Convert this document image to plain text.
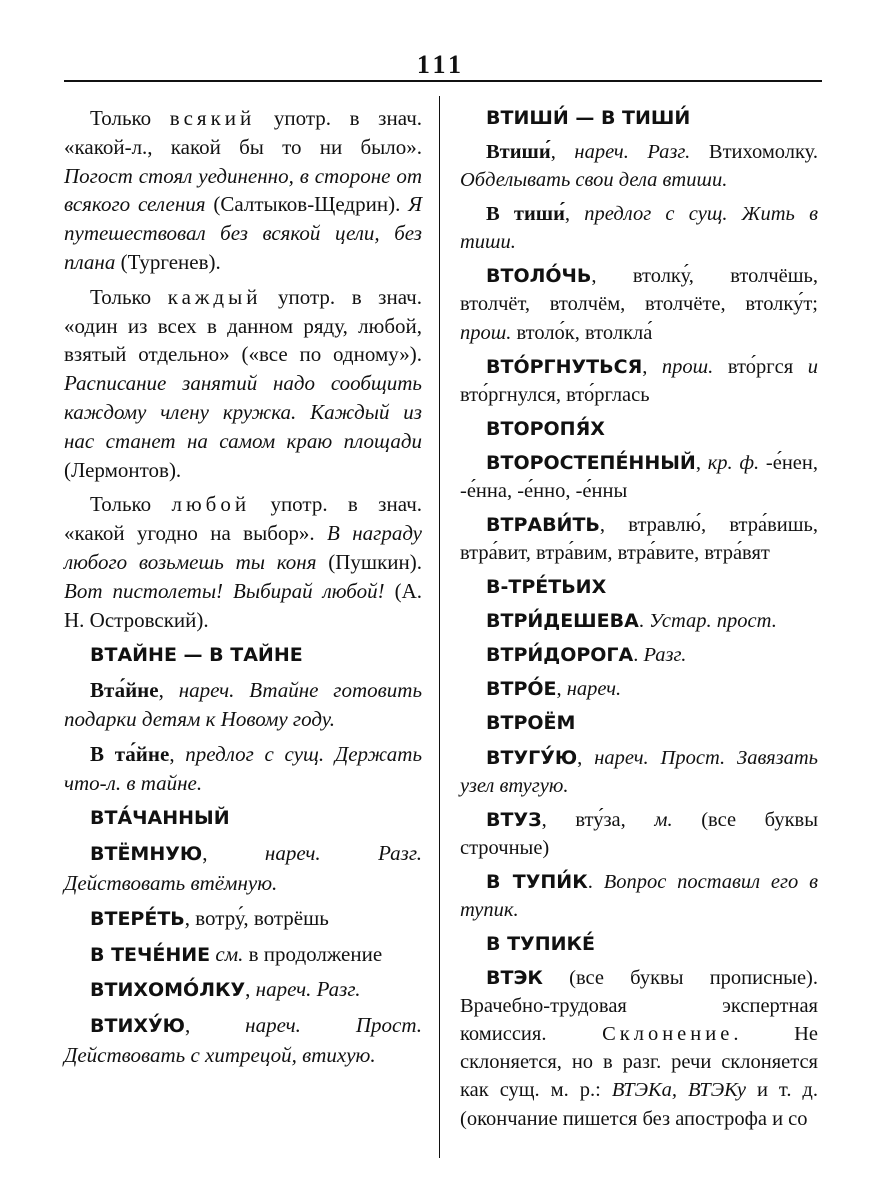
111

Только всякий употр. в знач. «какой-л., какой бы то ни было». Погост стоял уединенно, в стороне от всякого селения (Салтыков-Щедрин). Я путешествовал без всякой цели, без плана (Тургенев).

Только каждый употр. в знач. «один из всех в данном ряду, любой, взятый отдельно» («все по одному»). Расписание занятий надо сообщить каждому члену кружка. Каждый из нас станет на самом краю площади (Лермонтов).

Только любой употр. в знач. «какой угодно на выбор». В награду любого возьмешь ты коня (Пушкин). Вот пистолеты! Выбирай любой! (А. Н. Островский).

ВТАЙНЕ — В ТАЙНЕ

Вта́йне, нареч. Втайне готовить подарки детям к Новому году.

В та́йне, предлог с сущ. Держать что-л. в тайне.

ВТА́ЧАННЫЙ

ВТЁМНУЮ, нареч. Разг. Действовать втёмную.

ВТЕРЕ́ТЬ, вотру́, вотрёшь

В ТЕЧЕ́НИЕ см. в продолжение

ВТИХОМО́ЛКУ, нареч. Разг.

ВТИХУ́Ю, нареч. Прост. Действовать с хитрецой, втихую.

ВТИШИ́ — В ТИШИ́

Втиши́, нареч. Разг. Втихомолку. Обделывать свои дела втиши.

В тиши́, предлог с сущ. Жить в тиши.

ВТОЛО́ЧЬ, втолку́, втолчёшь, втолчёт, втолчём, втолчёте, втолку́т; прош. втоло́к, втолкла́

ВТО́РГНУТЬСЯ, прош. вто́ргся и вто́ргнулся, вто́рглась

ВТОРОПЯ́Х

ВТОРОСТЕПЕ́ННЫЙ, кр. ф. -е́нен, -е́нна, -е́нно, -е́нны

ВТРАВИ́ТЬ, втравлю́, втра́вишь, втра́вит, втра́вим, втра́вите, втра́вят

В-ТРЕ́ТЬИХ

ВТРИ́ДЕШЕВА. Устар. прост.

ВТРИ́ДОРОГА. Разг.

ВТРО́Е, нареч.

ВТРОЁМ

ВТУГУ́Ю, нареч. Прост. Завязать узел втугую.

ВТУЗ, вту́за, м. (все буквы строчные)

В ТУПИ́К. Вопрос поставил его в тупик.

В ТУПИКЕ́

ВТЭК (все буквы прописные). Врачебно-трудовая экспертная комиссия. Склонение. Не склоняется, но в разг. речи склоняется как сущ. м. р.: ВТЭКа, ВТЭКу и т. д. (окончание пишется без апострофа и со
